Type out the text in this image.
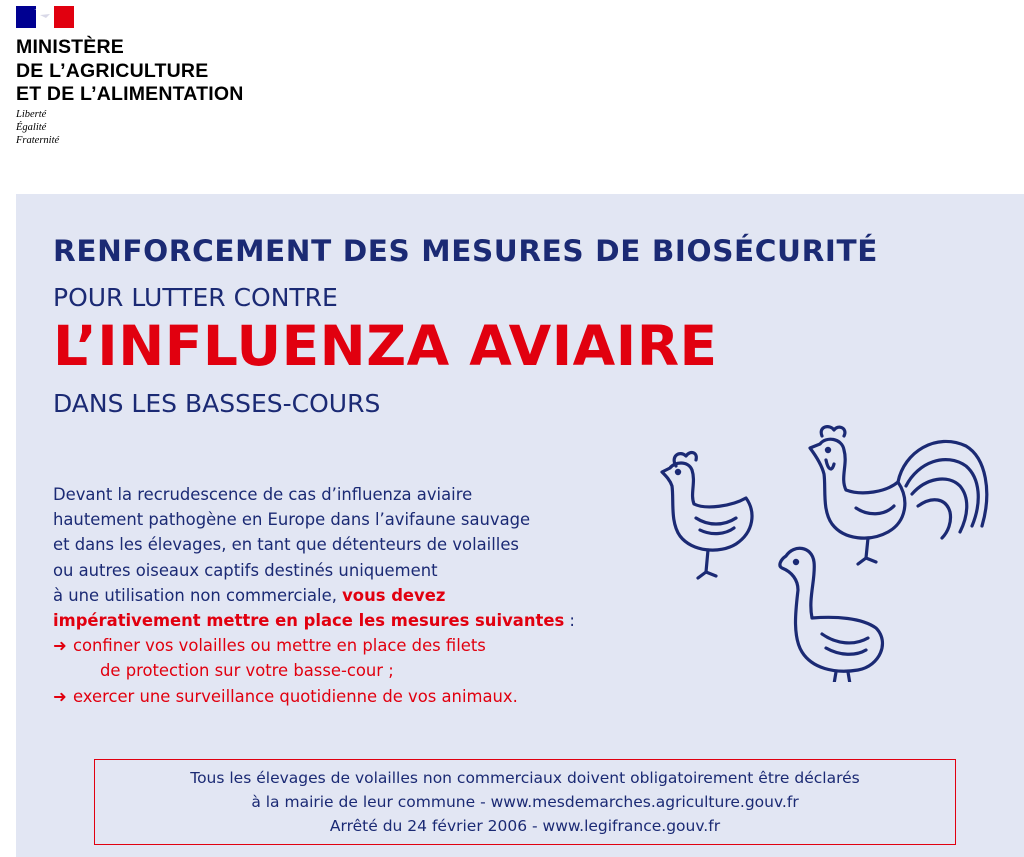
MINISTÈRE
DE L’AGRICULTURE
ET DE L’ALIMENTATION
Liberté
Égalité
Fraternité
RENFORCEMENT DES MESURES DE BIOSÉCURITÉ
POUR LUTTER CONTRE
L’INFLUENZA AVIAIRE
DANS LES BASSES-COURS
Devant la recrudescence de cas d’influenza aviaire
hautement pathogène en Europe dans l’avifaune sauvage
et dans les élevages, en tant que détenteurs de volailles
ou autres oiseaux captifs destinés uniquement
à une utilisation non commerciale, vous devez
impérativement mettre en place les mesures suivantes :
➜ confiner vos volailles ou mettre en place des filets
de protection sur votre basse-cour ;
➜ exercer une surveillance quotidienne de vos animaux.
Tous les élevages de volailles non commerciaux doivent obligatoirement être déclarés
à la mairie de leur commune - www.mesdemarches.agriculture.gouv.fr
Arrêté du 24 février 2006 - www.legifrance.gouv.fr
